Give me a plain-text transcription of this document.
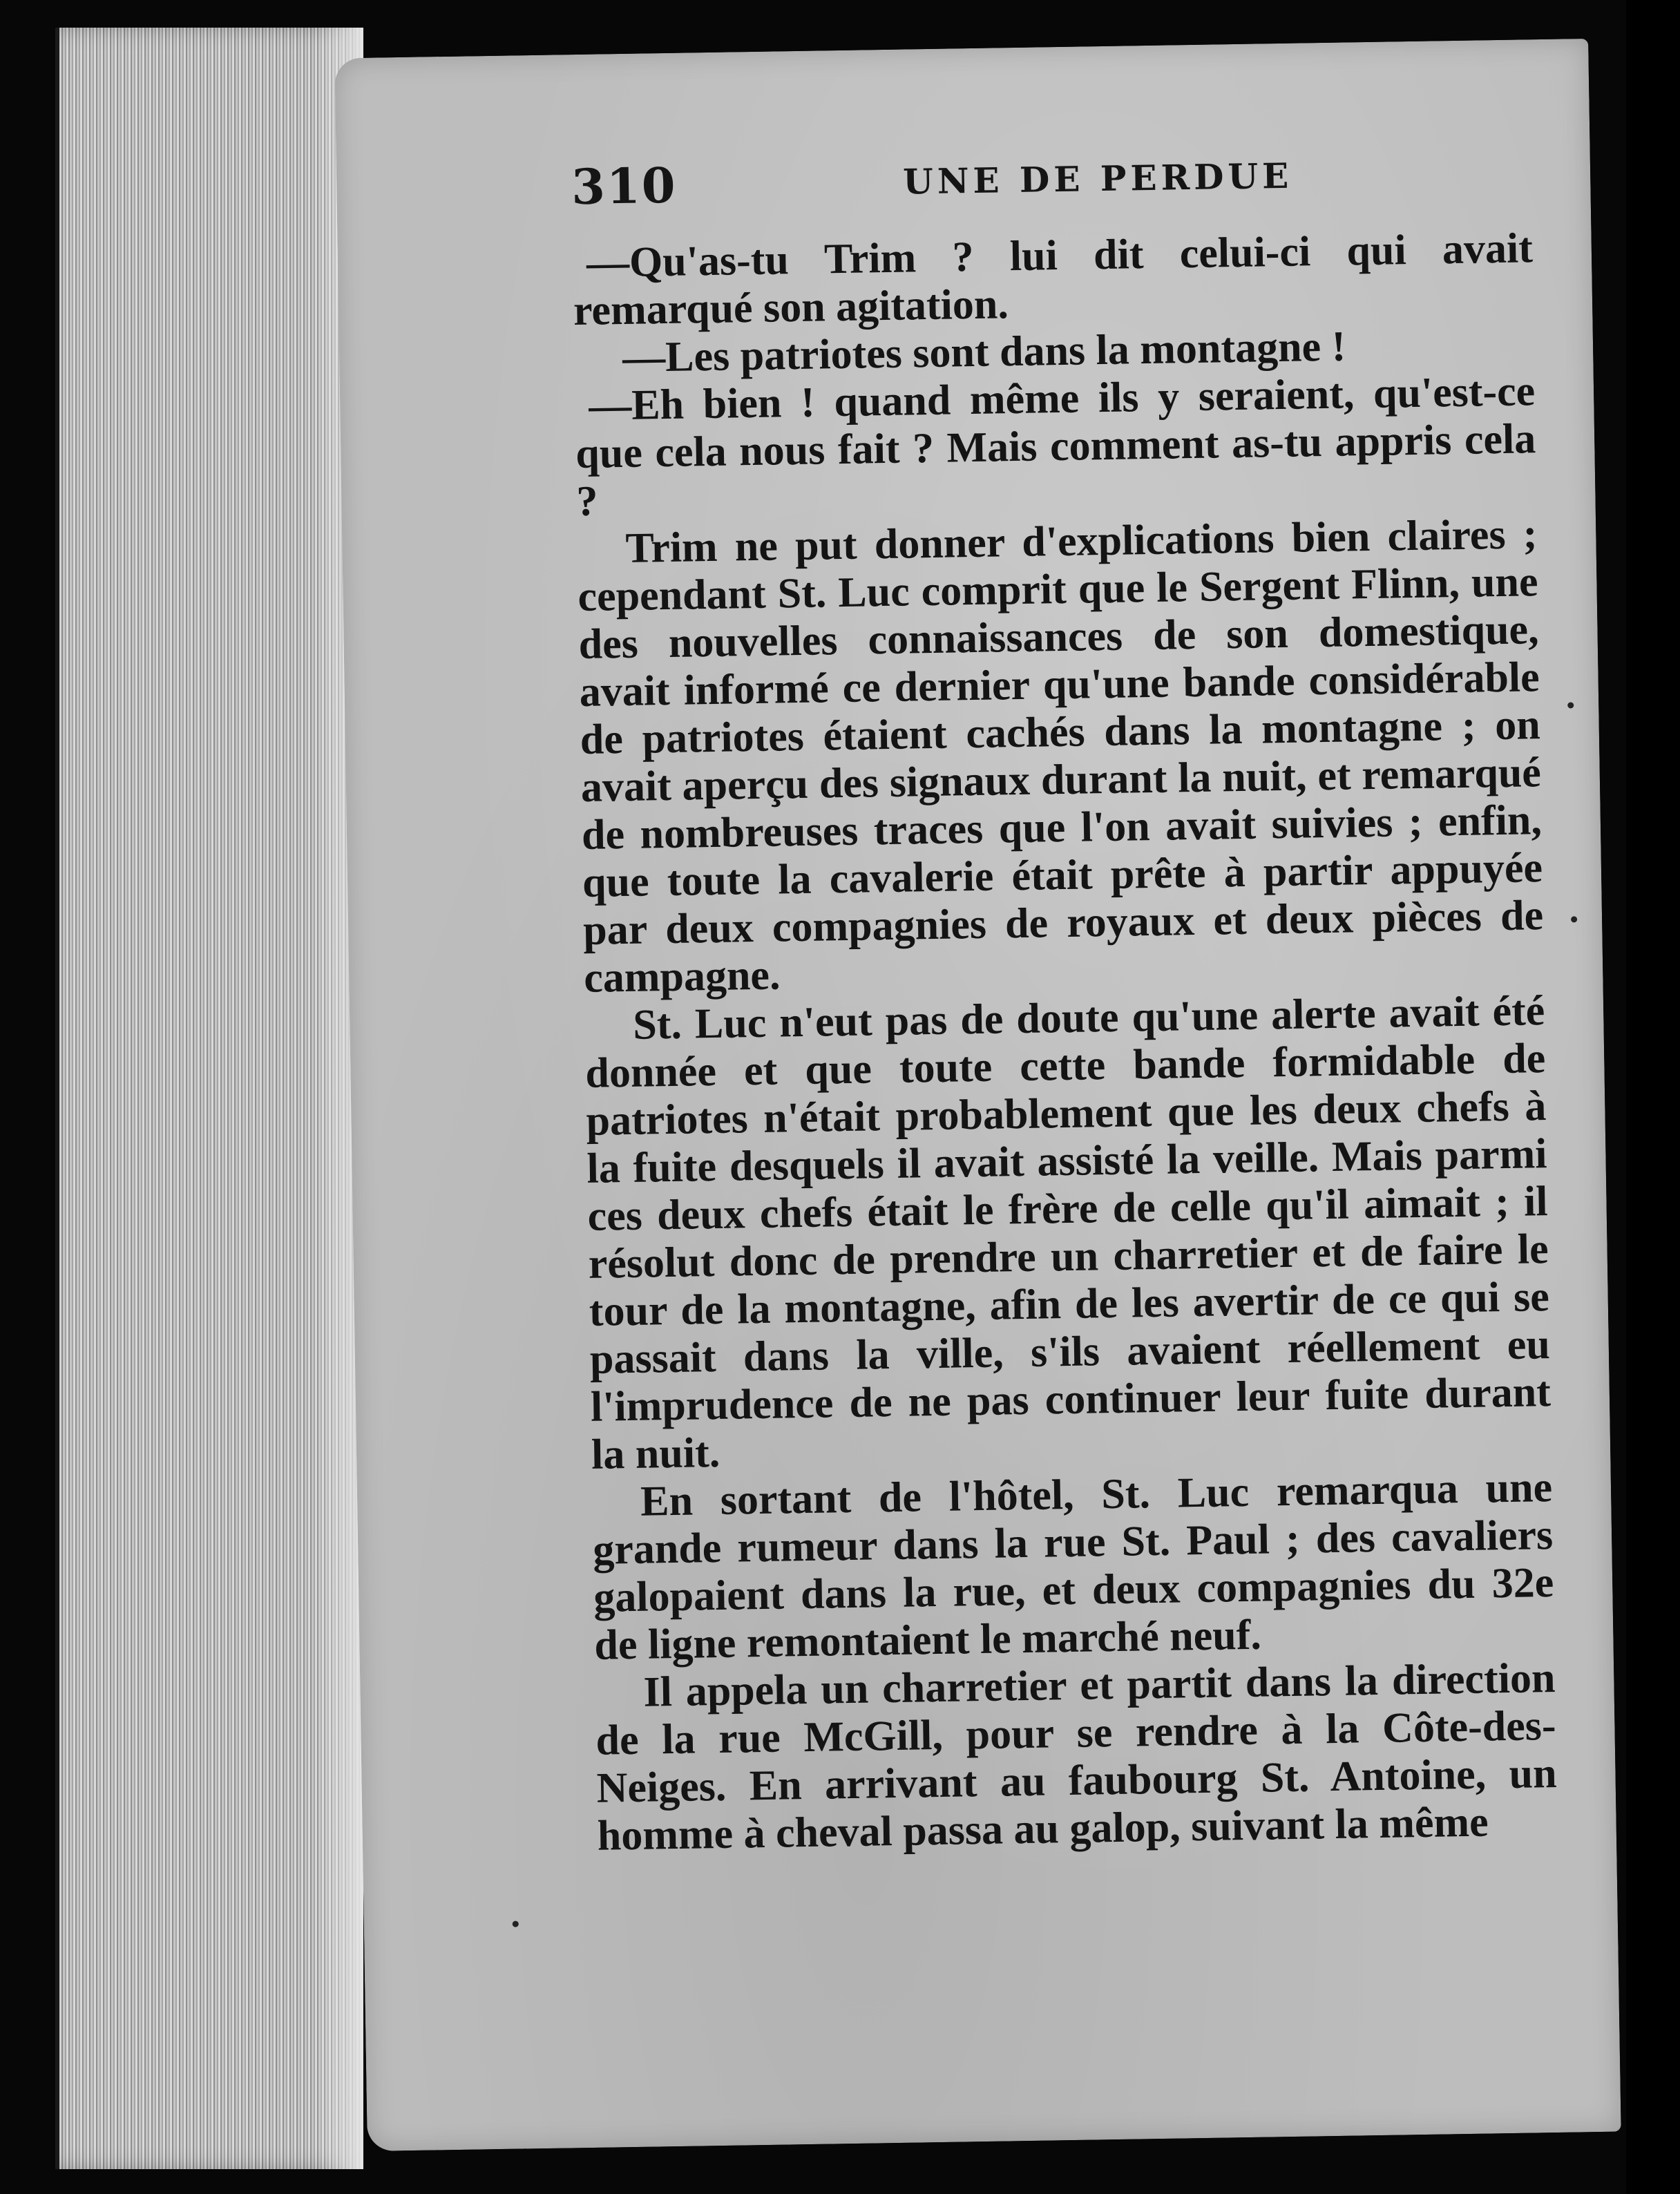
310	UNE DE PERDUE

—Qu'as-tu Trim ? lui dit celui-ci qui avait remarqué son agitation.

—Les patriotes sont dans la montagne !

—Eh bien ! quand même ils y seraient, qu'est-ce que cela nous fait ? Mais comment as-tu appris cela ?

Trim ne put donner d'explications bien claires ; cependant St. Luc comprit que le Sergent Flinn, une des nouvelles connaissances de son domestique, avait informé ce dernier qu'une bande considérable de patriotes étaient cachés dans la montagne ; on avait aperçu des signaux durant la nuit, et remarqué de nombreuses traces que l'on avait suivies ; enfin, que toute la cavalerie était prête à partir appuyée par deux compagnies de royaux et deux pièces de campagne.

St. Luc n'eut pas de doute qu'une alerte avait été donnée et que toute cette bande formidable de patriotes n'était probablement que les deux chefs à la fuite desquels il avait assisté la veille. Mais parmi ces deux chefs était le frère de celle qu'il aimait ; il résolut donc de prendre un charretier et de faire le tour de la montagne, afin de les avertir de ce qui se passait dans la ville, s'ils avaient réellement eu l'imprudence de ne pas continuer leur fuite durant la nuit.

En sortant de l'hôtel, St. Luc remarqua une grande rumeur dans la rue St. Paul ; des cavaliers galopaient dans la rue, et deux compagnies du 32e de ligne remontaient le marché neuf.

Il appela un charretier et partit dans la direction de la rue McGill, pour se rendre à la Côte-des-Neiges. En arrivant au faubourg St. Antoine, un homme à cheval passa au galop, suivant la même
